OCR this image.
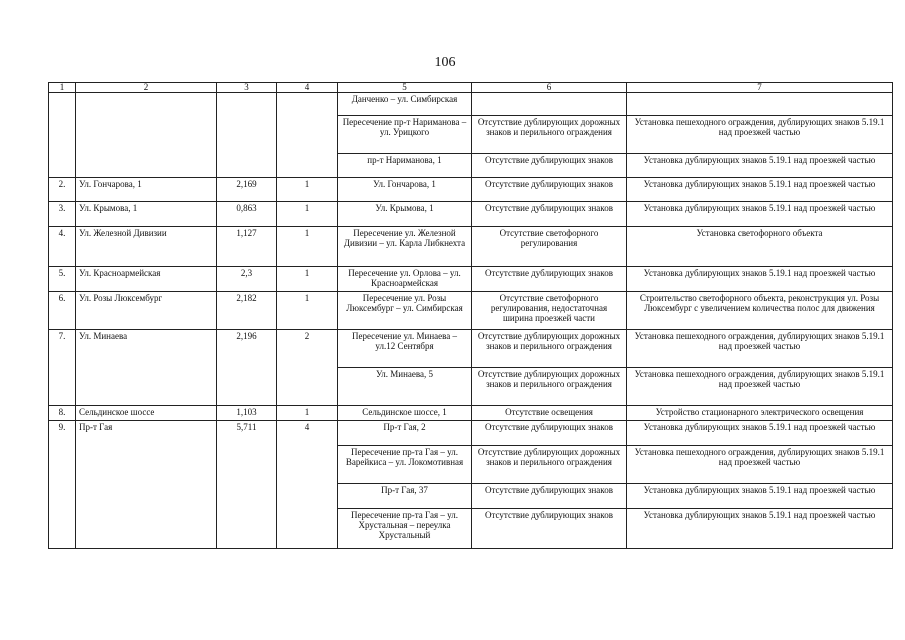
106
1	2	3	4	5	6	7
				Данченко – ул. Симбирская		
				Пересечение пр-т Нариманова – ул. Урицкого	Отсутствие дублирующих дорожных знаков и перильного ограждения	Установка пешеходного ограждения, дублирующих знаков 5.19.1 над проезжей частью
				пр-т Нариманова, 1	Отсутствие дублирующих знаков	Установка дублирующих знаков 5.19.1 над проезжей частью
2.	Ул. Гончарова, 1	2,169	1	Ул. Гончарова, 1	Отсутствие дублирующих знаков	Установка дублирующих знаков 5.19.1 над проезжей частью
3.	Ул. Крымова, 1	0,863	1	Ул. Крымова, 1	Отсутствие дублирующих знаков	Установка дублирующих знаков 5.19.1 над проезжей частью
4.	Ул. Железной Дивизии	1,127	1	Пересечение ул. Железной Дивизии – ул. Карла Либкнехта	Отсутствие светофорного регулирования	Установка светофорного объекта
5.	Ул. Красноармейская	2,3	1	Пересечение ул. Орлова – ул. Красноармейская	Отсутствие дублирующих знаков	Установка дублирующих знаков 5.19.1 над проезжей частью
6.	Ул. Розы Люксембург	2,182	1	Пересечение ул. Розы Люксембург – ул. Симбирская	Отсутствие светофорного регулирования, недостаточная ширина проезжей части	Строительство светофорного объекта, реконструкция ул. Розы Люксембург с увеличением количества полос для движения
7.	Ул. Минаева	2,196	2	Пересечение ул. Минаева – ул.12 Сентября	Отсутствие дублирующих дорожных знаков и перильного ограждения	Установка пешеходного ограждения, дублирующих знаков 5.19.1 над проезжей частью
				Ул. Минаева, 5	Отсутствие дублирующих дорожных знаков и перильного ограждения	Установка пешеходного ограждения, дублирующих знаков 5.19.1 над проезжей частью
8.	Сельдинское шоссе	1,103	1	Сельдинское шоссе, 1	Отсутствие освещения	Устройство стационарного электрического освещения
9.	Пр-т Гая	5,711	4	Пр-т Гая, 2	Отсутствие дублирующих знаков	Установка дублирующих знаков 5.19.1 над проезжей частью
				Пересечение пр-та Гая – ул. Варейкиса – ул. Локомотивная	Отсутствие дублирующих дорожных знаков и перильного ограждения	Установка пешеходного ограждения, дублирующих знаков 5.19.1 над проезжей частью
				Пр-т Гая, 37	Отсутствие дублирующих знаков	Установка дублирующих знаков 5.19.1 над проезжей частью
				Пересечение пр-та Гая – ул. Хрустальная – переулка Хрустальный	Отсутствие дублирующих знаков	Установка дублирующих знаков 5.19.1 над проезжей частью
